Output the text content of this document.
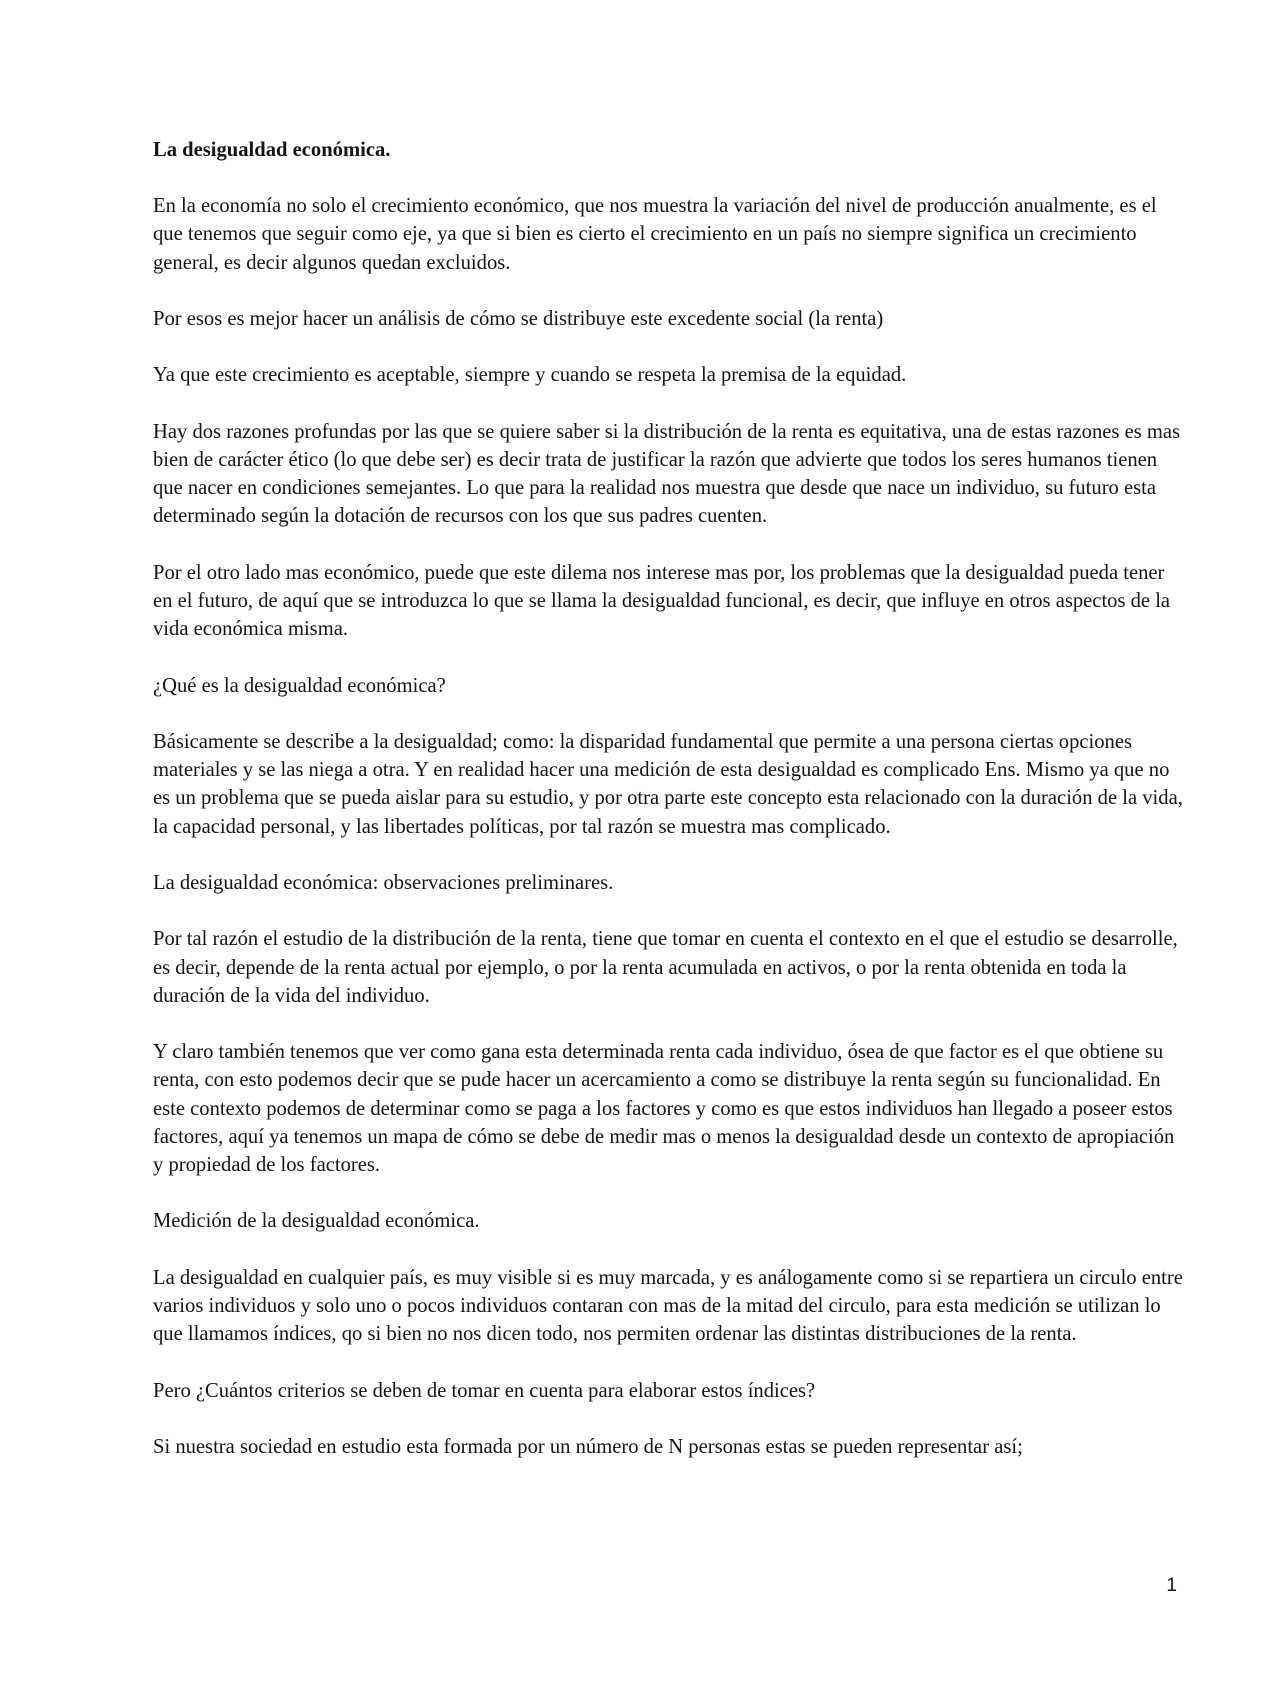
La desigualdad económica.

En la economía no solo el crecimiento económico, que nos muestra la variación del nivel de producción anualmente, es el que tenemos que seguir como eje, ya que si bien es cierto el crecimiento en un país no siempre significa un crecimiento general, es decir algunos quedan excluidos.

Por esos es mejor hacer un análisis de cómo se distribuye este excedente social (la renta)

Ya que este crecimiento es aceptable, siempre y cuando se respeta la premisa de la equidad.

Hay dos razones profundas por las que se quiere saber si la distribución de la renta es equitativa, una de estas razones es mas bien de carácter ético (lo que debe ser) es decir trata de justificar la razón que advierte que todos los seres humanos tienen que nacer en condiciones semejantes. Lo que para la realidad nos muestra que desde que nace un individuo, su futuro esta determinado según la dotación de recursos con los que sus padres cuenten.

Por el otro lado mas económico, puede que este dilema nos interese mas por, los problemas que la desigualdad pueda tener en el futuro, de aquí que se introduzca lo que se llama la desigualdad funcional, es decir, que influye en otros aspectos de la vida económica misma.

¿Qué es la desigualdad económica?

Básicamente se describe a la desigualdad; como: la disparidad fundamental que permite a una persona ciertas opciones materiales y se las niega a otra. Y en realidad hacer una medición de esta desigualdad es complicado Ens. Mismo ya que no es un problema que se pueda aislar para su estudio, y por otra parte este concepto esta relacionado con la duración de la vida, la capacidad personal, y las libertades políticas, por tal razón se muestra mas complicado.

La desigualdad económica: observaciones preliminares.

Por tal razón el estudio de la distribución de la renta, tiene que tomar en cuenta el contexto en el que el estudio se desarrolle, es decir, depende de la renta actual por ejemplo, o por la renta acumulada en activos, o por la renta obtenida en toda la duración de la vida del individuo.

Y claro también tenemos que ver como gana esta determinada renta cada individuo, ósea de que factor es el que obtiene su renta, con esto podemos decir que se pude hacer un acercamiento a como se distribuye la renta según su funcionalidad. En este contexto podemos de determinar como se paga a los factores y como es que estos individuos han llegado a poseer estos factores, aquí ya tenemos un mapa de cómo se debe de medir mas o menos la desigualdad desde un contexto de apropiación y propiedad de los factores.

Medición de la desigualdad económica.

La desigualdad en cualquier país, es muy visible si es muy marcada, y es análogamente como si se repartiera un circulo entre varios individuos y solo uno o pocos individuos contaran con mas de la mitad del circulo, para esta medición se utilizan lo que llamamos índices, qo si bien no nos dicen todo, nos permiten ordenar las distintas distribuciones de la renta.

Pero ¿Cuántos criterios se deben de tomar en cuenta para elaborar estos índices?

Si nuestra sociedad en estudio esta formada por un número de N personas estas se pueden representar así;

1
